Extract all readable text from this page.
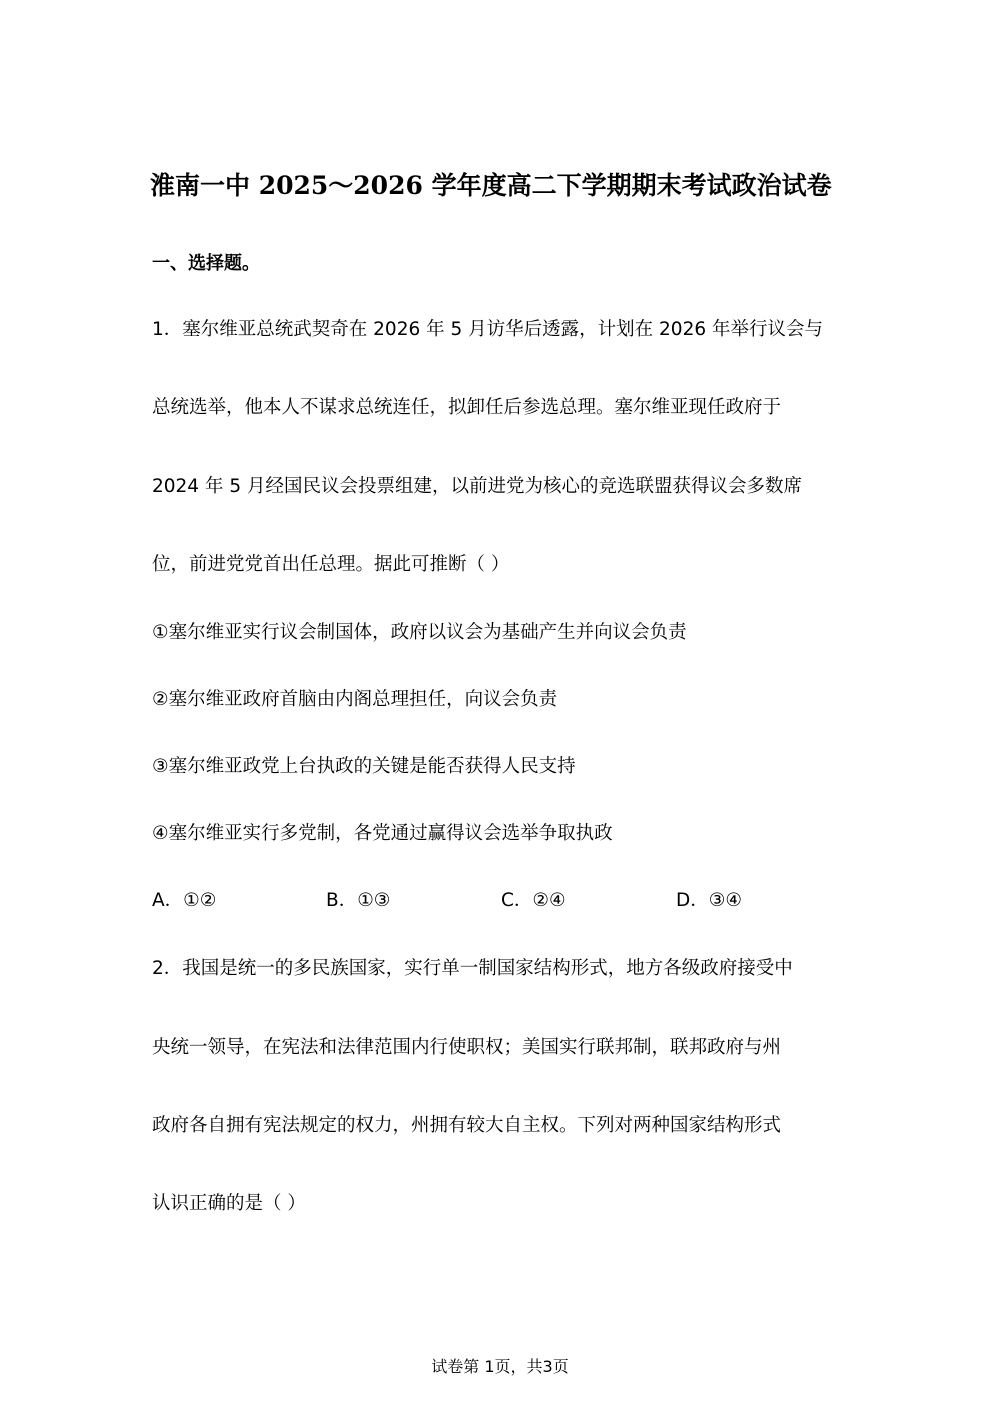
淮南一中 2025～2026 学年度高二下学期期末考试政治试卷
一、选择题。
1．塞尔维亚总统武契奇在 2026 年 5 月访华后透露，计划在 2026 年举行议会与
总统选举，他本人不谋求总统连任，拟卸任后参选总理。塞尔维亚现任政府于
2024 年 5 月经国民议会投票组建，以前进党为核心的竞选联盟获得议会多数席
位，前进党党首出任总理。据此可推断（ ）
①塞尔维亚实行议会制国体，政府以议会为基础产生并向议会负责
②塞尔维亚政府首脑由内阁总理担任，向议会负责
③塞尔维亚政党上台执政的关键是能否获得人民支持
④塞尔维亚实行多党制，各党通过赢得议会选举争取执政
A．①②	B．①③	C．②④	D．③④
2．我国是统一的多民族国家，实行单一制国家结构形式，地方各级政府接受中
央统一领导，在宪法和法律范围内行使职权；美国实行联邦制，联邦政府与州
政府各自拥有宪法规定的权力，州拥有较大自主权。下列对两种国家结构形式
认识正确的是（ ）
试卷第 1页，共3页
